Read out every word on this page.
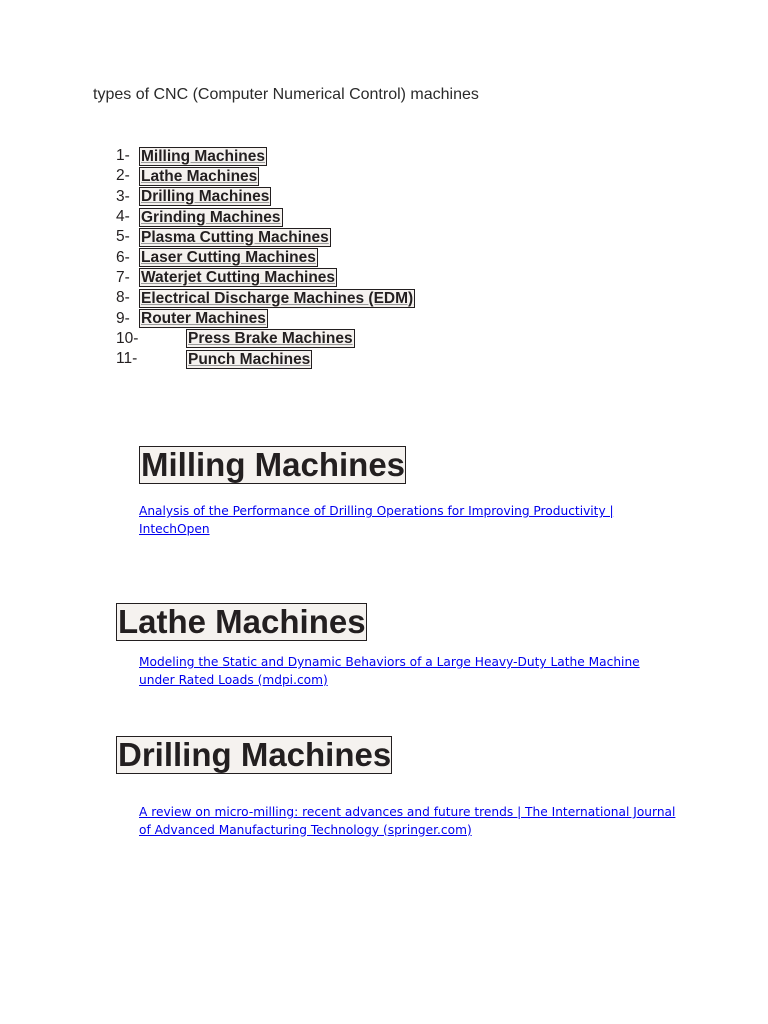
types of CNC (Computer Numerical Control) machines
1- Milling Machines
2- Lathe Machines
3- Drilling Machines
4- Grinding Machines
5- Plasma Cutting Machines
6- Laser Cutting Machines
7- Waterjet Cutting Machines
8- Electrical Discharge Machines (EDM)
9- Router Machines
10-	Press Brake Machines
11-	Punch Machines
Milling Machines
Analysis of the Performance of Drilling Operations for Improving Productivity | IntechOpen
Lathe Machines
Modeling the Static and Dynamic Behaviors of a Large Heavy-Duty Lathe Machine under Rated Loads (mdpi.com)
Drilling Machines
A review on micro-milling: recent advances and future trends | The International Journal of Advanced Manufacturing Technology (springer.com)
